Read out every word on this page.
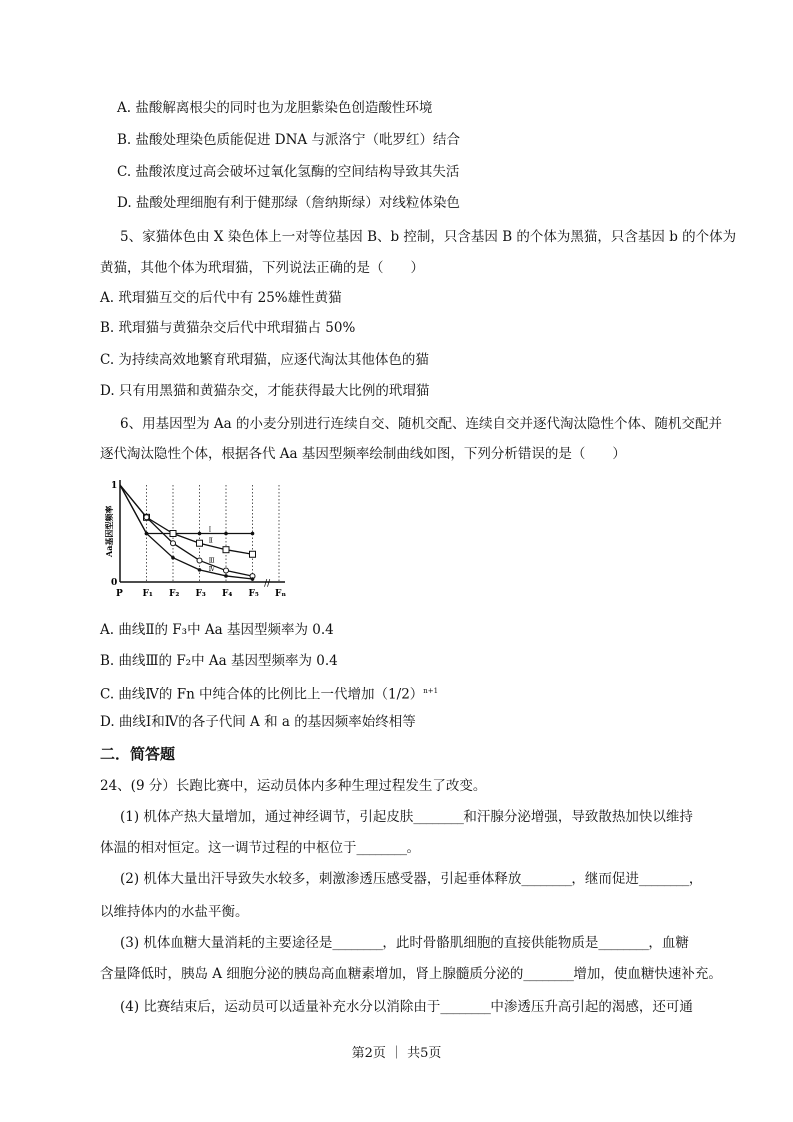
A. 盐酸解离根尖的同时也为龙胆紫染色创造酸性环境
B. 盐酸处理染色质能促进 DNA 与派洛宁（吡罗红）结合
C. 盐酸浓度过高会破坏过氧化氢酶的空间结构导致其失活
D. 盐酸处理细胞有利于健那绿（詹纳斯绿）对线粒体染色
5、家猫体色由 X 染色体上一对等位基因 B、b 控制，只含基因 B 的个体为黑猫，只含基因 b 的个体为
黄猫，其他个体为玳瑁猫，下列说法正确的是（　　）
A. 玳瑁猫互交的后代中有 25%雄性黄猫
B. 玳瑁猫与黄猫杂交后代中玳瑁猫占 50%
C. 为持续高效地繁育玳瑁猫，应逐代淘汰其他体色的猫
D. 只有用黑猫和黄猫杂交，才能获得最大比例的玳瑁猫
6、用基因型为 Aa 的小麦分别进行连续自交、随机交配、连续自交并逐代淘汰隐性个体、随机交配并
逐代淘汰隐性个体，根据各代 Aa 基因型频率绘制曲线如图，下列分析错误的是（　　）
A. 曲线Ⅱ的 F₃中 Aa 基因型频率为 0.4
B. 曲线Ⅲ的 F₂中 Aa 基因型频率为 0.4
C. 曲线Ⅳ的 Fn 中纯合体的比例比上一代增加$(1/2)^{n+1}$
D. 曲线Ⅰ和Ⅳ的各子代间 A 和 a 的基因频率始终相等
二．简答题
24、(9 分）长跑比赛中，运动员体内多种生理过程发生了改变。
(1) 机体产热大量增加，通过神经调节，引起皮肤________和汗腺分泌增强，导致散热加快以维持
体温的相对恒定。这一调节过程的中枢位于________。
(2) 机体大量出汗导致失水较多，刺激渗透压感受器，引起垂体释放________，继而促进________，
以维持体内的水盐平衡。
(3) 机体血糖大量消耗的主要途径是________，此时骨骼肌细胞的直接供能物质是________，血糖
含量降低时，胰岛 A 细胞分泌的胰岛高血糖素增加，肾上腺髓质分泌的________增加，使血糖快速补充。
(4) 比赛结束后，运动员可以适量补充水分以消除由于________中渗透压升高引起的渴感，还可通
//
P F₁ F₂ F₃ F₄ F₅ Fₙ
0
1
Aa基因型频率	Ⅰ
Ⅱ
Ⅲ
Ⅳ
第2页 ｜ 共5页
